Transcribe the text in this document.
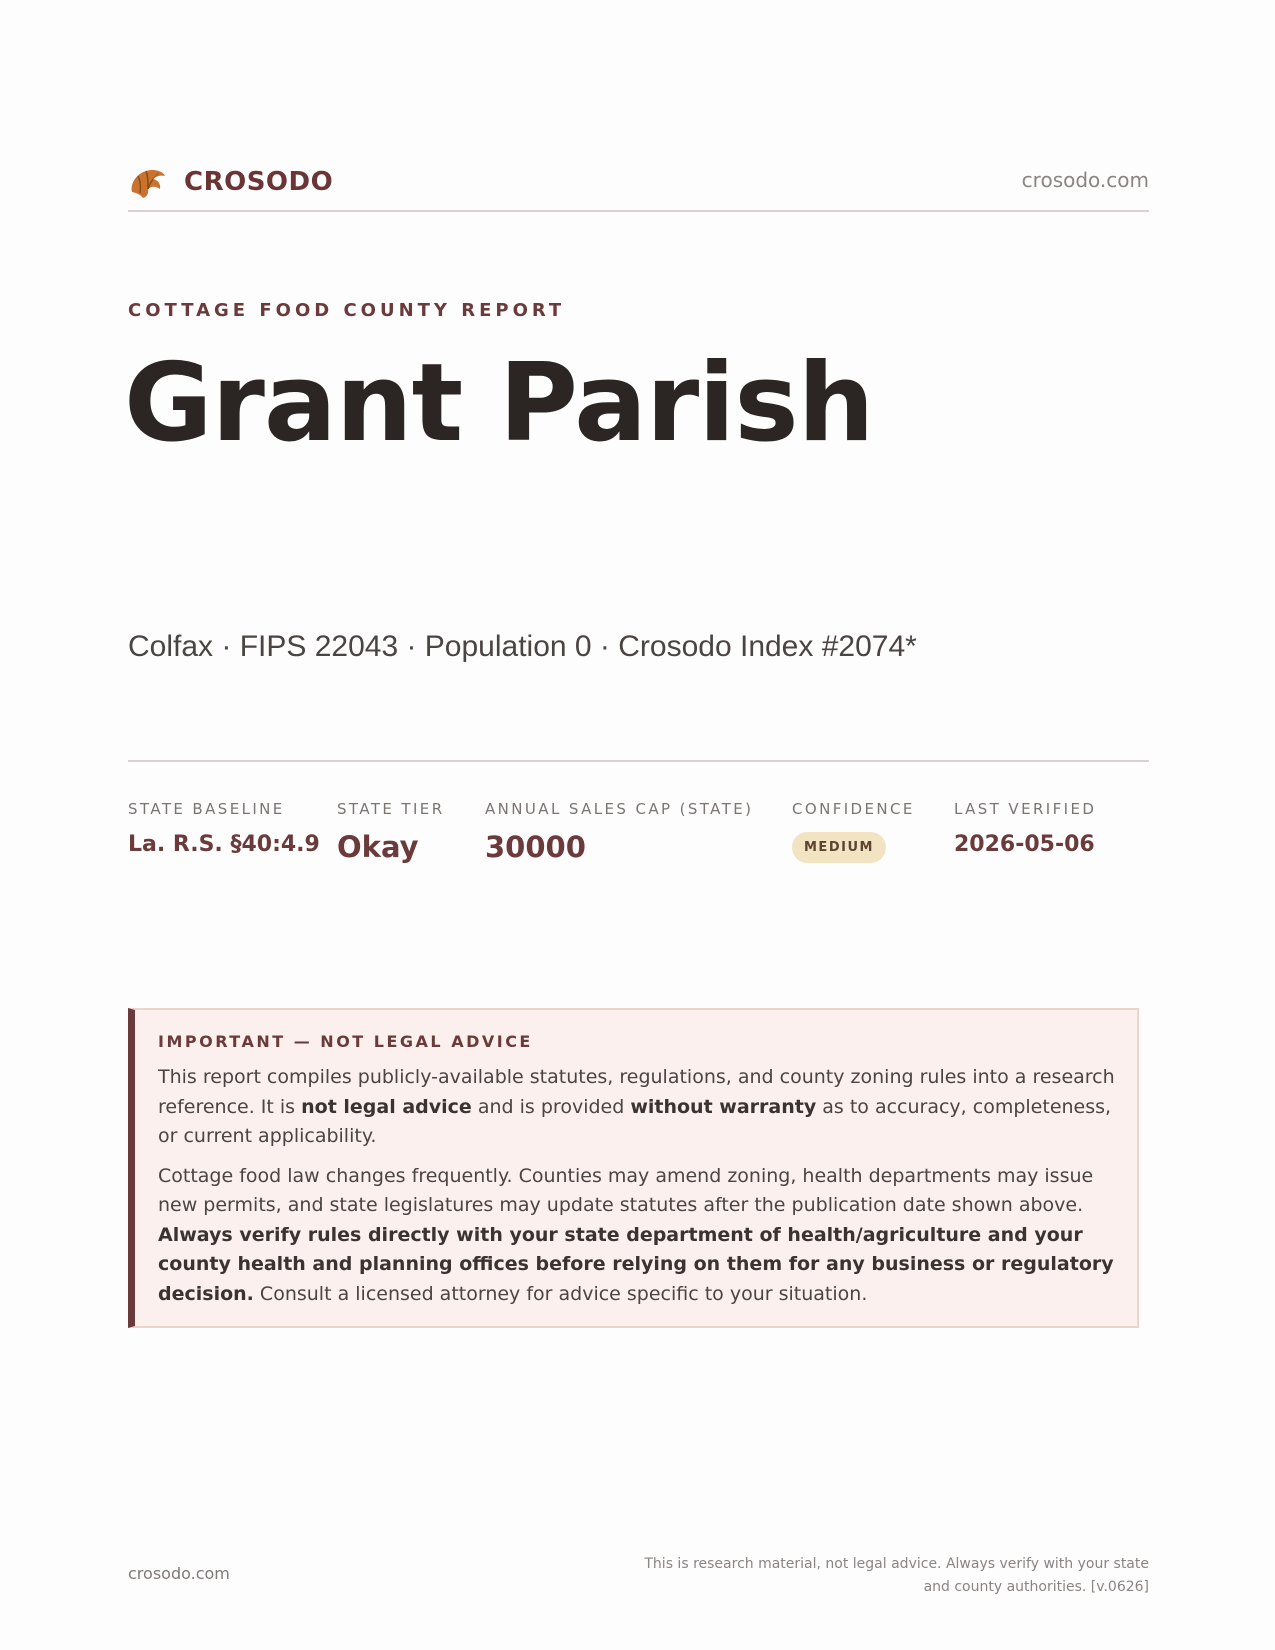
CROSODO	crosodo.com
COTTAGE FOOD COUNTY REPORT
Grant Parish
Colfax · FIPS 22043 · Population 0 · Crosodo Index #2074*
STATE BASELINE
La. R.S. §40:4.9
STATE TIER
Okay
ANNUAL SALES CAP (STATE)
30000
CONFIDENCE
MEDIUM
LAST VERIFIED
2026-05-06
IMPORTANT — NOT LEGAL ADVICE

This report compiles publicly-available statutes, regulations, and county zoning rules into a research reference. It is not legal advice and is provided without warranty as to accuracy, completeness, or current applicability.

Cottage food law changes frequently. Counties may amend zoning, health departments may issue new permits, and state legislatures may update statutes after the publication date shown above. Always verify rules directly with your state department of health/agriculture and your county health and planning offices before relying on them for any business or regulatory decision. Consult a licensed attorney for advice specific to your situation.

crosodo.com	This is research material, not legal advice. Always verify with your state
and county authorities. [v.0626]
